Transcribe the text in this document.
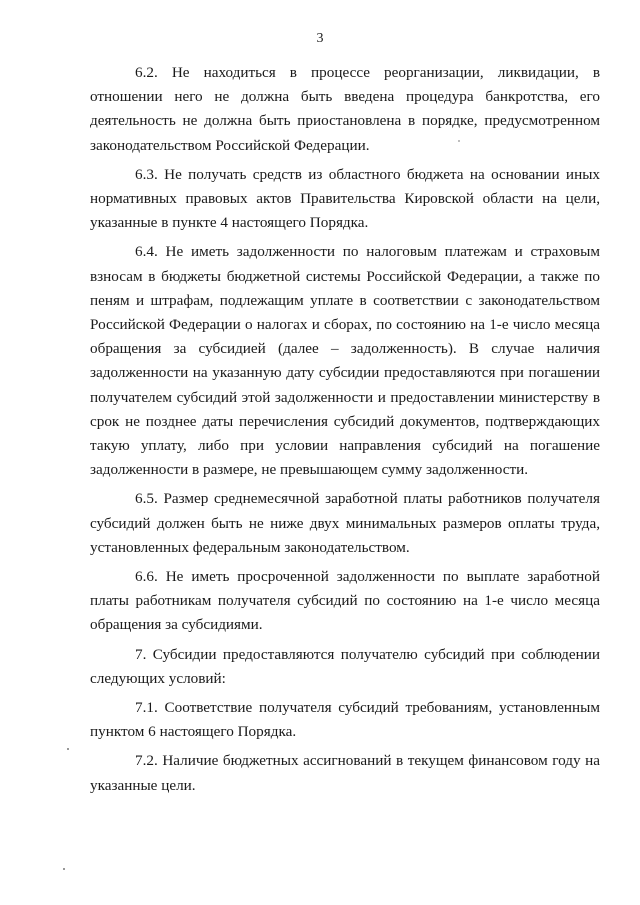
3

6.2. Не находиться в процессе реорганизации, ликвидации, в отношении него не должна быть введена процедура банкротства, его деятельность не должна быть приостановлена в порядке, предусмотренном законодательством Российской Федерации.

6.3. Не получать средств из областного бюджета на основании иных нормативных правовых актов Правительства Кировской области на цели, указанные в пункте 4 настоящего Порядка.

6.4. Не иметь задолженности по налоговым платежам и страховым взносам в бюджеты бюджетной системы Российской Федерации, а также по пеням и штрафам, подлежащим уплате в соответствии с законодательством Российской Федерации о налогах и сборах, по состоянию на 1-е число месяца обращения за субсидией (далее – задолженность). В случае наличия задолженности на указанную дату субсидии предоставляются при погашении получателем субсидий этой задолженности и предоставлении министерству в срок не позднее даты перечисления субсидий документов, подтверждающих такую уплату, либо при условии направления субсидий на погашение задолженности в размере, не превышающем сумму задолженности.

6.5. Размер среднемесячной заработной платы работников получателя субсидий должен быть не ниже двух минимальных размеров оплаты труда, установленных федеральным законодательством.

6.6. Не иметь просроченной задолженности по выплате заработной платы работникам получателя субсидий по состоянию на 1-е число месяца обращения за субсидиями.

7. Субсидии предоставляются получателю субсидий при соблюдении следующих условий:

7.1. Соответствие получателя субсидий требованиям, установленным пунктом 6 настоящего Порядка.

7.2. Наличие бюджетных ассигнований в текущем финансовом году на указанные цели.
